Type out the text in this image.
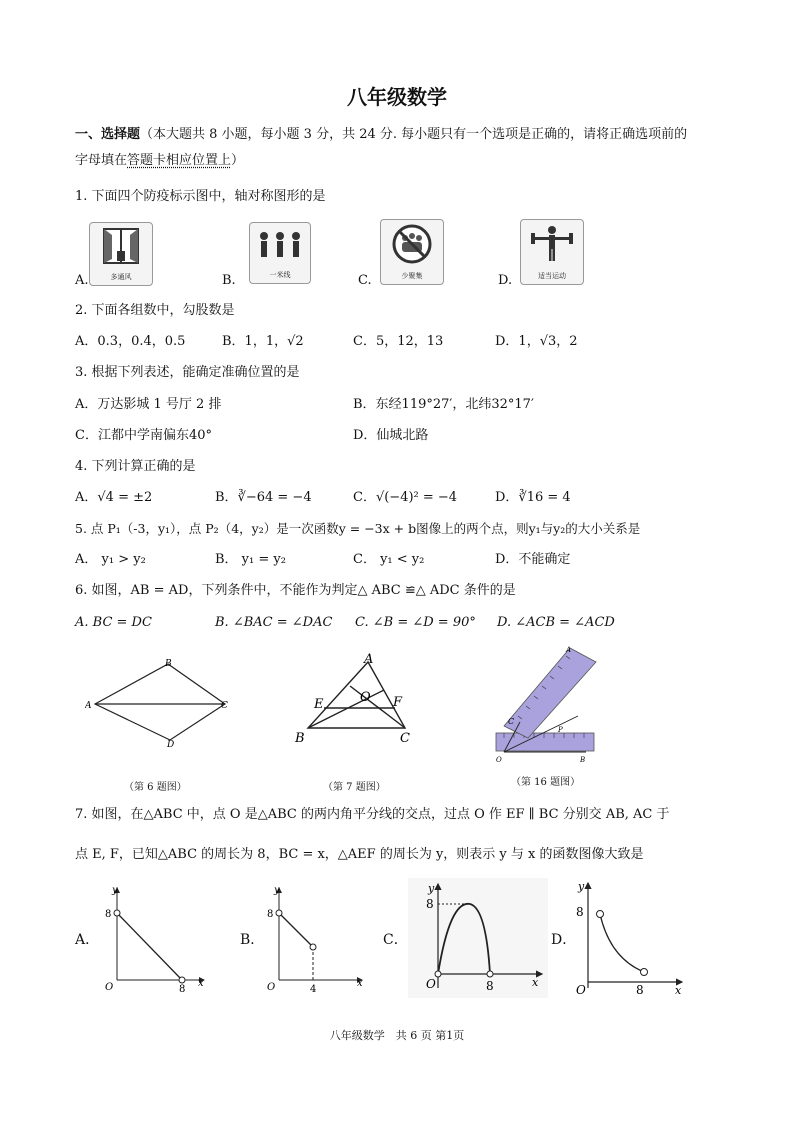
八年级数学
一、选择题（本大题共 8 小题，每小题 3 分，共 24 分. 每小题只有一个选项是正确的，请将正确选项前的
字母填在答题卡相应位置上）
1. 下面四个防疫标示图中，轴对称图形的是
A.	多通风	B.	一米线	C.	少聚集	D.	适当运动
2. 下面各组数中，勾股数是
A．0.3，0.4，0.5	B．1，1，√2	C．5，12，13	D．1，√3，2
3. 根据下列表述，能确定准确位置的是
A．万达影城 1 号厅 2 排	B．东经119°27′，北纬32°17′
C．江都中学南偏东40°	D．仙城北路
4. 下列计算正确的是
A．√4 = ±2	B．∛−64 = −4	C．√(−4)² = −4	D．∛16 = 4
5. 点 P₁（-3，y₁），点 P₂（4，y₂）是一次函数y = −3x + b图像上的两个点，则y₁与y₂的大小关系是
A． y₁ > y₂	B． y₁ = y₂	C． y₁ < y₂	D．不能确定
6. 如图，AB = AD，下列条件中，不能作为判定△ ABC ≌△ ADC 条件的是
A. BC = DC	B. ∠BAC = ∠DAC C. ∠B = ∠D = 90° D. ∠ACB = ∠ACD
A
B
C
D
（第 6 题图）
A
B	C
E	F
O
（第 7 题图）
A
C
P
O	B
（第 16 题图）
7. 如图，在△ABC 中，点 O 是△ABC 的两内角平分线的交点，过点 O 作 EF ∥ BC 分别交 AB, AC 于
点 E, F，已知△ABC 的周长为 8，BC = x，△AEF 的周长为 y，则表示 y 与 x 的函数图像大致是
A．
y
x
8
8
O
B．
y
x
8
4
O
C．
y
x
8
8
O
D．
y
x
8
8
O
八年级数学　共 6 页 第1页
